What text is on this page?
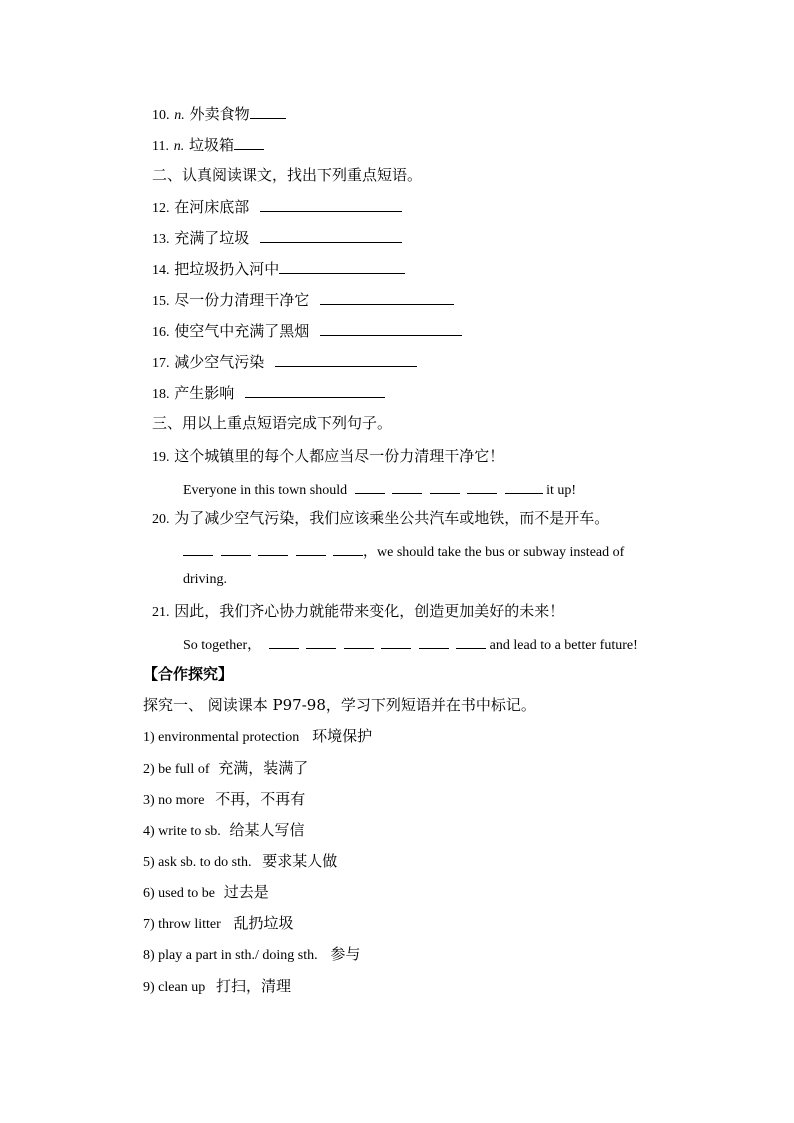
10. n. 外卖食物
11. n. 垃圾箱
二、认真阅读课文，找出下列重点短语。
12. 在河床底部
13. 充满了垃圾
14. 把垃圾扔入河中
15. 尽一份力清理干净它
16. 使空气中充满了黑烟
17. 减少空气污染
18. 产生影响
三、用以上重点短语完成下列句子。
19. 这个城镇里的每个人都应当尽一份力清理干净它！
Everyone in this town should	it up!
20. 为了减少空气污染，我们应该乘坐公共汽车或地铁，而不是开车。
，we should take the bus or subway instead of
driving.
21. 因此，我们齐心协力就能带来变化，创造更加美好的未来！
So together，	and lead to a better future!
【合作探究】
探究一、 阅读课本 P97-98，学习下列短语并在书中标记。
1) environmental protection 环境保护
2) be full of 充满，装满了
3) no more 不再，不再有
4) write to sb. 给某人写信
5) ask sb. to do sth. 要求某人做
6) used to be 过去是
7) throw litter 乱扔垃圾
8) play a part in sth./ doing sth. 参与
9) clean up 打扫，清理
